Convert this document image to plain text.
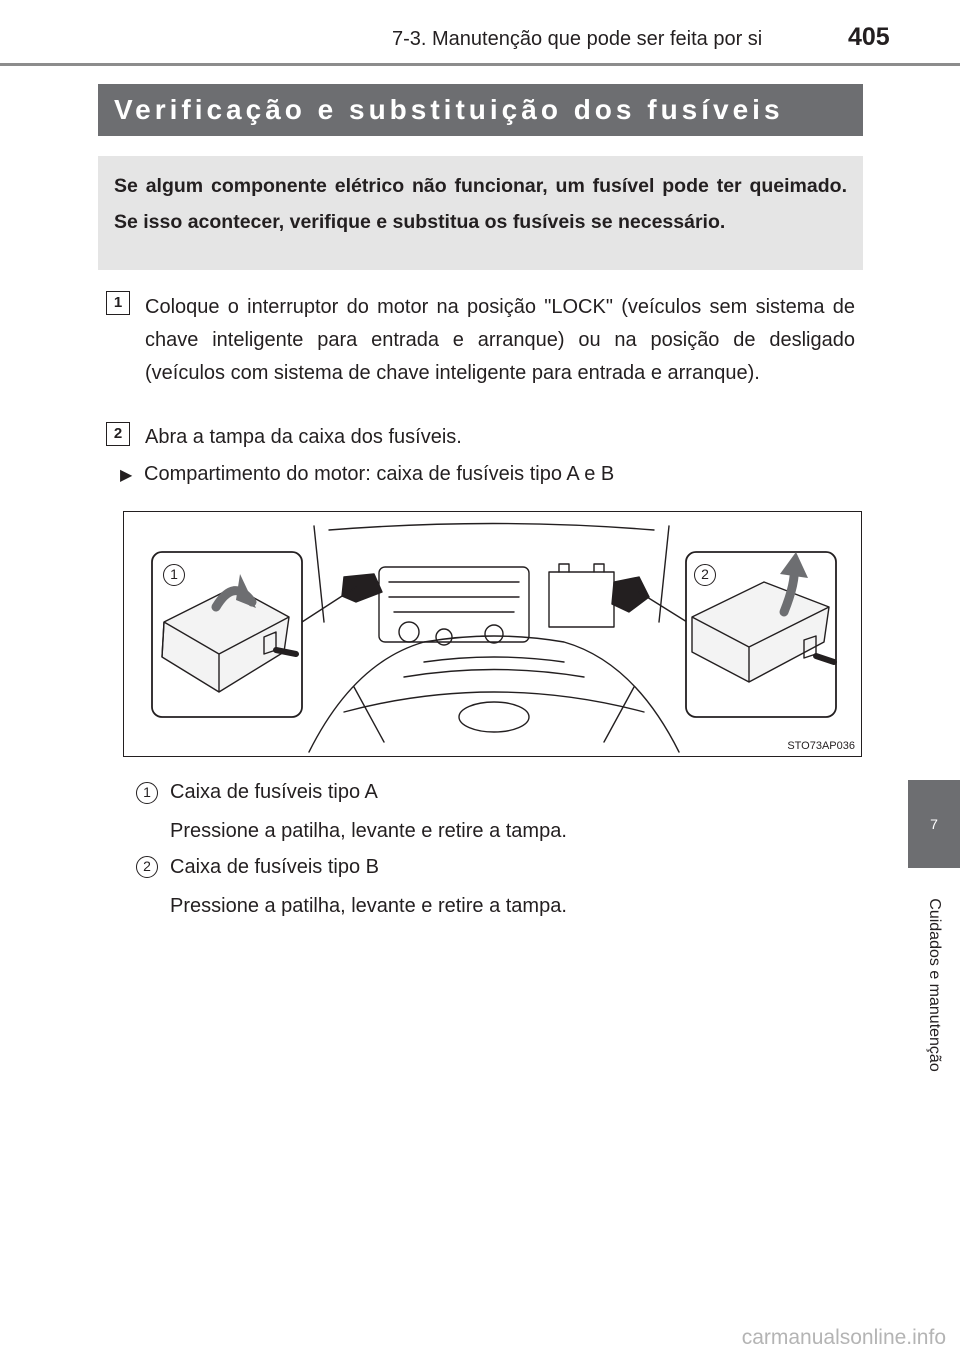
7-3. Manutenção que pode ser feita por si	405
Verificação e substituição dos fusíveis
Se algum componente elétrico não funcionar, um fusível pode ter queimado. Se isso acontecer, verifique e substitua os fusíveis se necessário.
1	Coloque o interruptor do motor na posição "LOCK" (veículos sem sistema de chave inteligente para entrada e arranque) ou na posição de desligado (veículos com sistema de chave inteligente para entrada e arranque).
2	Abra a tampa da caixa dos fusíveis.
▶ Compartimento do motor: caixa de fusíveis tipo A e B
1	2
STO73AP036
1 Caixa de fusíveis tipo A
Pressione a patilha, levante e retire a tampa.
2 Caixa de fusíveis tipo B
Pressione a patilha, levante e retire a tampa.
7
Cuidados e manutenção
carmanualsonline.info
